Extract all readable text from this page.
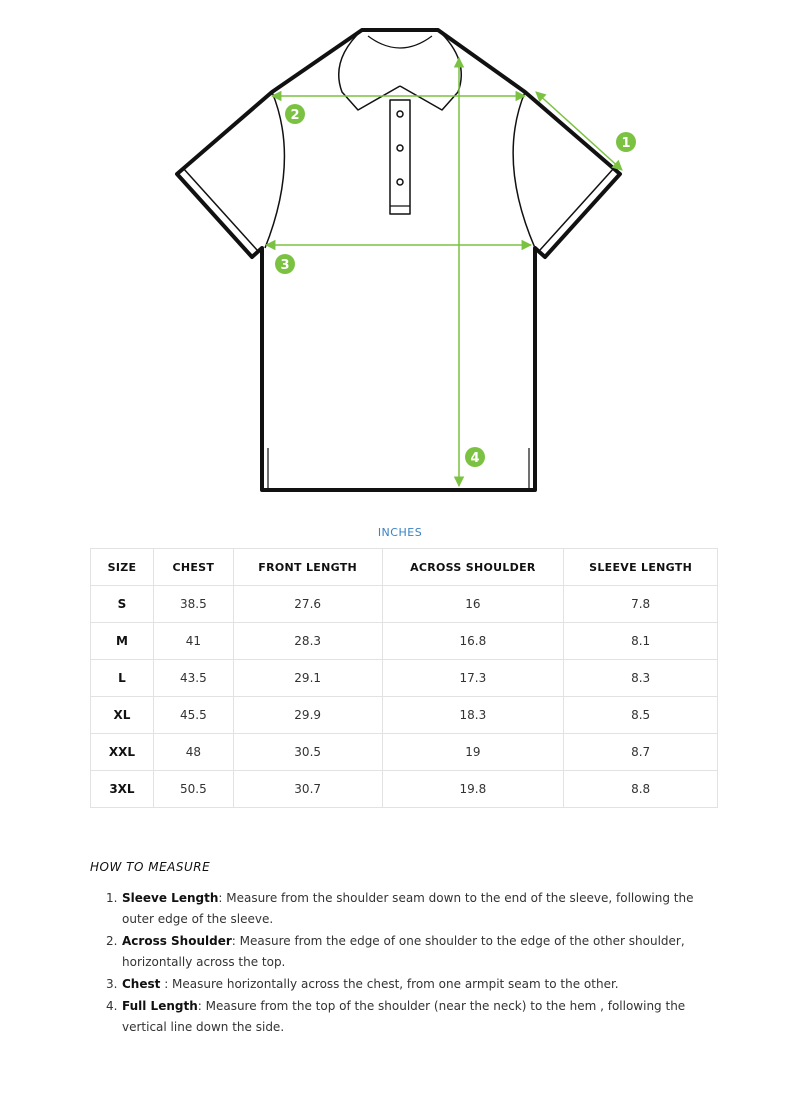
1
2
3
4
INCHES
SIZE	CHEST	FRONT LENGTH	ACROSS SHOULDER	SLEEVE LENGTH
S	38.5	27.6	16	7.8
M	41	28.3	16.8	8.1
L	43.5	29.1	17.3	8.3
XL	45.5	29.9	18.3	8.5
XXL	48	30.5	19	8.7
3XL	50.5	30.7	19.8	8.8
HOW TO MEASURE
1. Sleeve Length: Measure from the shoulder seam down to the end of the sleeve, following the outer edge of the sleeve.
2. Across Shoulder: Measure from the edge of one shoulder to the edge of the other shoulder, horizontally across the top.
3. Chest : Measure horizontally across the chest, from one armpit seam to the other.
4. Full Length: Measure from the top of the shoulder (near the neck) to the hem , following the vertical line down the side.
